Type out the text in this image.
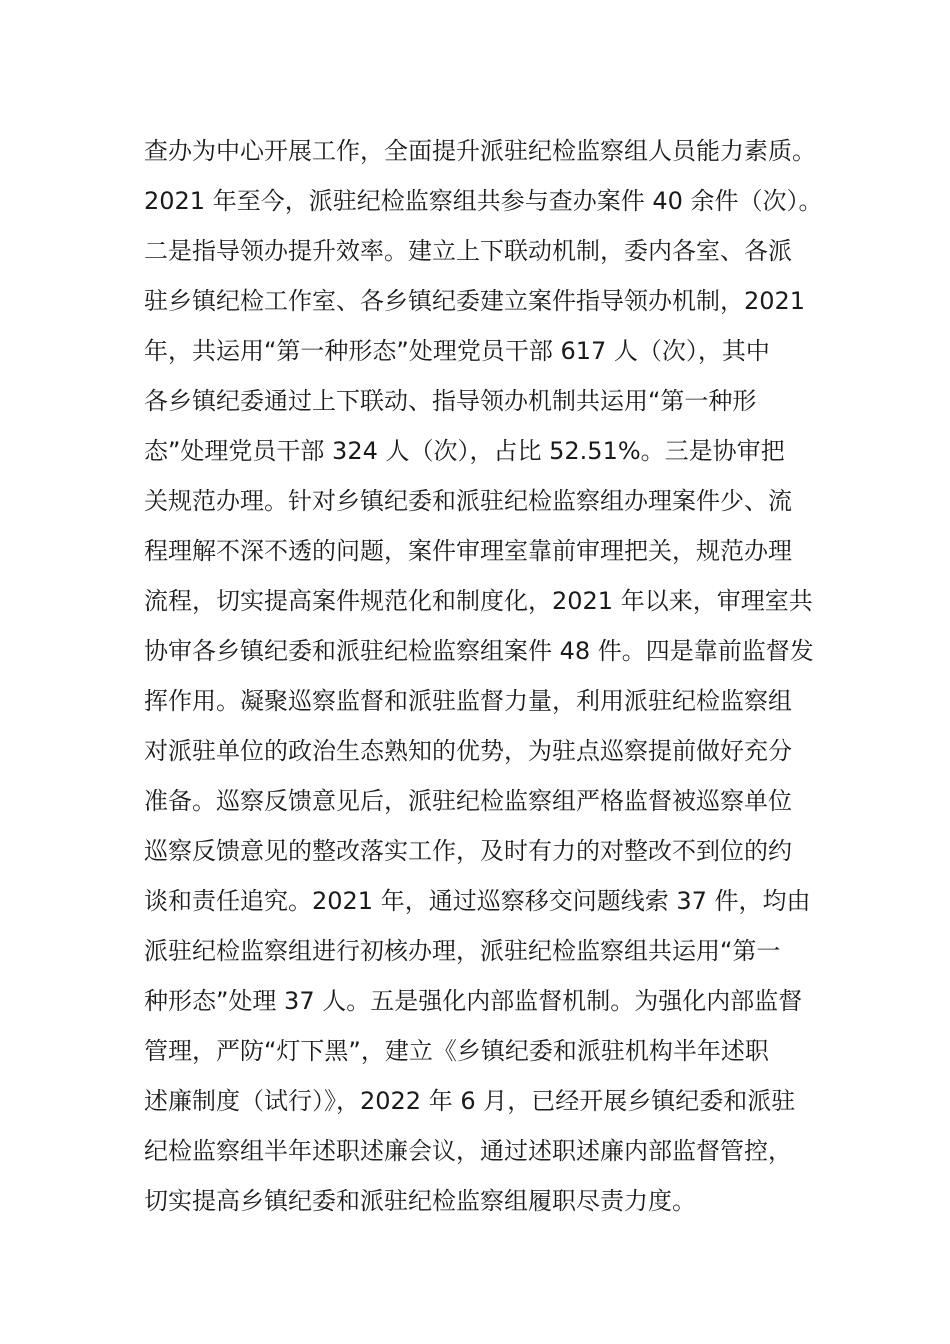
查办为中心开展工作，全面提升派驻纪检监察组人员能力素质。
2021 年至今，派驻纪检监察组共参与查办案件 40 余件（次）。
二是指导领办提升效率。建立上下联动机制，委内各室、各派
驻乡镇纪检工作室、各乡镇纪委建立案件指导领办机制，2021
年，共运用“第一种形态”处理党员干部 617 人（次），其中
各乡镇纪委通过上下联动、指导领办机制共运用“第一种形
态”处理党员干部 324 人（次），占比 52.51%。三是协审把
关规范办理。针对乡镇纪委和派驻纪检监察组办理案件少、流
程理解不深不透的问题，案件审理室靠前审理把关，规范办理
流程，切实提高案件规范化和制度化，2021 年以来，审理室共
协审各乡镇纪委和派驻纪检监察组案件 48 件。四是靠前监督发
挥作用。凝聚巡察监督和派驻监督力量，利用派驻纪检监察组
对派驻单位的政治生态熟知的优势，为驻点巡察提前做好充分
准备。巡察反馈意见后，派驻纪检监察组严格监督被巡察单位
巡察反馈意见的整改落实工作，及时有力的对整改不到位的约
谈和责任追究。2021 年，通过巡察移交问题线索 37 件，均由
派驻纪检监察组进行初核办理，派驻纪检监察组共运用“第一
种形态”处理 37 人。五是强化内部监督机制。为强化内部监督
管理，严防“灯下黑”，建立《乡镇纪委和派驻机构半年述职
述廉制度（试行）》，2022 年 6 月，已经开展乡镇纪委和派驻
纪检监察组半年述职述廉会议，通过述职述廉内部监督管控，
切实提高乡镇纪委和派驻纪检监察组履职尽责力度。
